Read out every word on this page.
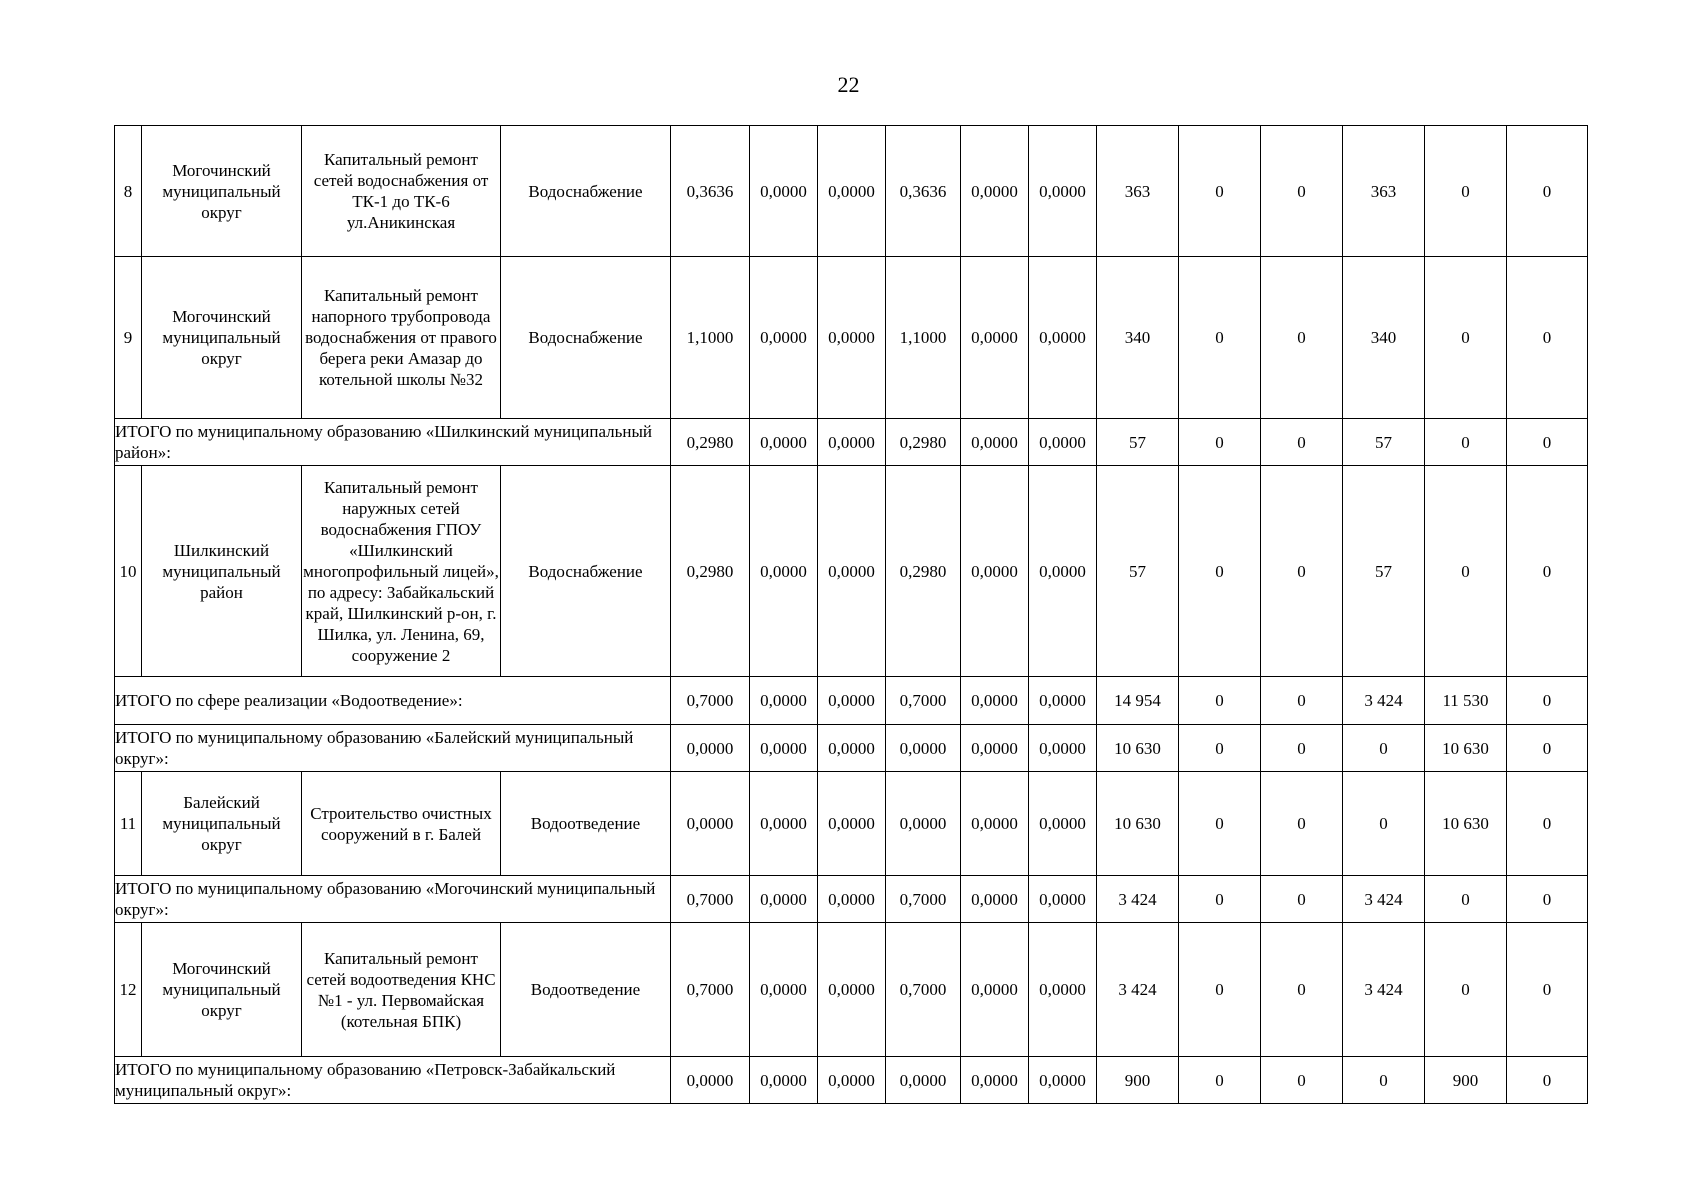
22
8	Могочинский муниципальный округ	Капитальный ремонт сетей водоснабжения от ТК-1 до ТК-6 ул.Аникинская	Водоснабжение	0,3636	0,0000	0,0000	0,3636	0,0000	0,0000	363	0	0	363	0	0
9	Могочинский муниципальный округ	Капитальный ремонт напорного трубопровода водоснабжения от правого берега реки Амазар до котельной школы №32	Водоснабжение	1,1000	0,0000	0,0000	1,1000	0,0000	0,0000	340	0	0	340	0	0
ИТОГО по муниципальному образованию «Шилкинский муниципальный район»:				0,2980	0,0000	0,0000	0,2980	0,0000	0,0000	57	0	0	57	0	0
10	Шилкинский муниципальный район	Капитальный ремонт наружных сетей водоснабжения ГПОУ «Шилкинский многопрофильный лицей», по адресу: Забайкальский край, Шилкинский р-он, г. Шилка, ул. Ленина, 69, сооружение 2	Водоснабжение	0,2980	0,0000	0,0000	0,2980	0,0000	0,0000	57	0	0	57	0	0
ИТОГО по сфере реализации «Водоотведение»:				0,7000	0,0000	0,0000	0,7000	0,0000	0,0000	14 954	0	0	3 424	11 530	0
ИТОГО по муниципальному образованию «Балейский муниципальный округ»:				0,0000	0,0000	0,0000	0,0000	0,0000	0,0000	10 630	0	0	0	10 630	0
11	Балейский муниципальный округ	Строительство очистных сооружений в г. Балей	Водоотведение	0,0000	0,0000	0,0000	0,0000	0,0000	0,0000	10 630	0	0	0	10 630	0
ИТОГО по муниципальному образованию «Могочинский муниципальный округ»:				0,7000	0,0000	0,0000	0,7000	0,0000	0,0000	3 424	0	0	3 424	0	0
12	Могочинский муниципальный округ	Капитальный ремонт сетей водоотведения КНС №1 - ул. Первомайская (котельная БПК)	Водоотведение	0,7000	0,0000	0,0000	0,7000	0,0000	0,0000	3 424	0	0	3 424	0	0
ИТОГО по муниципальному образованию «Петровск-Забайкальский муниципальный округ»:				0,0000	0,0000	0,0000	0,0000	0,0000	0,0000	900	0	0	0	900	0
